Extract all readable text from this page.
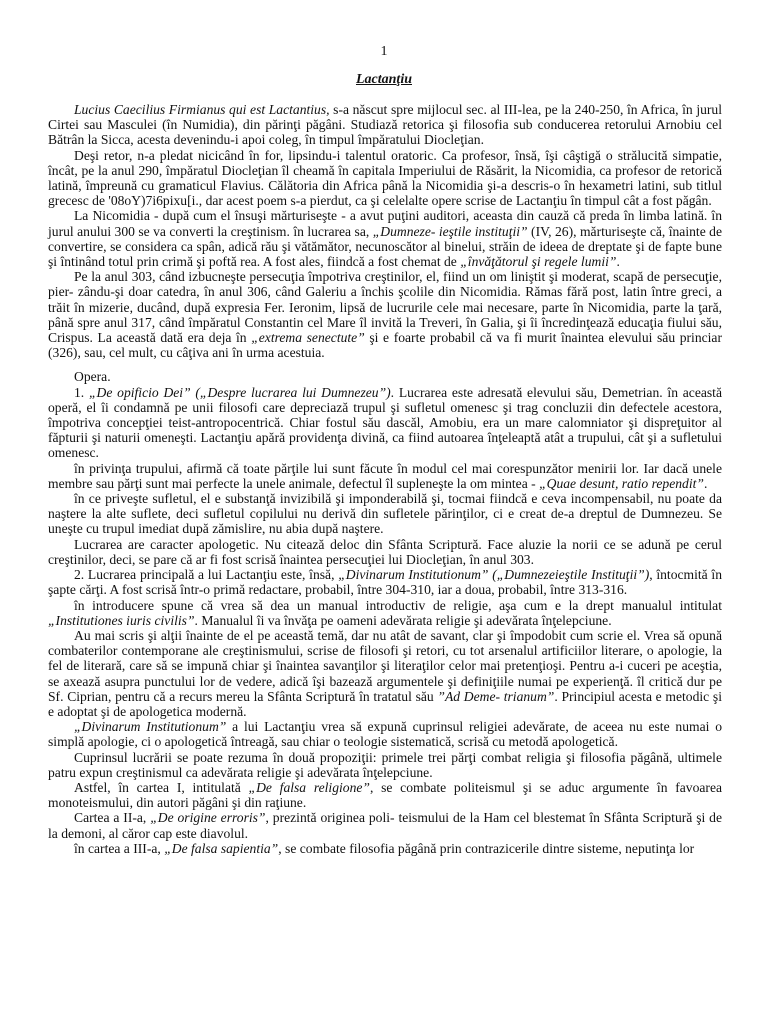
1
Lactanţiu

Lucius Caecilius Firmianus qui est Lactantius, s-a născut spre mijlocul sec. al III-lea, pe la 240-250, în Africa, în jurul Cirtei sau Masculei (în Numidia), din părinţi păgâni. Studiază retorica şi filosofia sub conducerea retorului Arnobiu cel Bătrân la Sicca, acesta devenindu-i apoi coleg, în timpul împăratului Diocleţian.

Deşi retor, n-a pledat nicicând în for, lipsindu-i talentul oratoric. Ca profesor, însă, îşi câştigă o strălucită simpatie, încât, pe la anul 290, împăratul Diocleţian îl cheamă în capitala Imperiului de Răsărit, la Nicomidia, ca profesor de retorică latină, împreună cu gramaticul Flavius. Călătoria din Africa până la Nicomidia şi-a descris-o în hexametri latini, sub titlul grecesc de '08oY)7i6pixu[i., dar acest poem s-a pierdut, ca şi celelalte opere scrise de Lactanţiu în timpul cât a fost păgân.

La Nicomidia - după cum el însuşi mărturiseşte - a avut puţini auditori, aceasta din cauză că preda în limba latină. în jurul anului 300 se va converti la creştinism. în lucrarea sa, „Dumneze- ieştile instituţii” (IV, 26), mărturiseşte că, înainte de convertire, se considera ca spân, adică rău şi vătămător, necunoscător al binelui, străin de ideea de dreptate şi de fapte bune şi întinând totul prin crimă şi poftă rea. A fost ales, fiindcă a fost chemat de „învăţătorul şi regele lumii”.

Pe la anul 303, când izbucneşte persecuţia împotriva creştinilor, el, fiind un om liniştit şi moderat, scapă de persecuţie, pier- zându-şi doar catedra, în anul 306, când Galeriu a închis şcolile din Nicomidia. Rămas fără post, latin între greci, a trăit în mizerie, ducând, după expresia Fer. Ieronim, lipsă de lucrurile cele mai necesare, parte în Nicomidia, parte la ţară, până spre anul 317, când împăratul Constantin cel Mare îl invită la Treveri, în Galia, şi îi încredinţează educaţia fiului său, Crispus. La această dată era deja în „extrema senectute” şi e foarte probabil că va fi murit înaintea elevului său princiar (326), sau, cel mult, cu câţiva ani în urma acestuia.

Opera.

1. „De opificio Dei” („Despre lucrarea lui Dumnezeu”). Lucrarea este adresată elevului său, Demetrian. în această operă, el îi condamnă pe unii filosofi care depreciază trupul şi sufletul omenesc şi trag concluzii din defectele acestora, împotriva concepţiei teist-antropocentrică. Chiar fostul său dascăl, Amobiu, era un mare calomniator şi dispreţuitor al făpturii şi naturii omeneşti. Lactanţiu apără providenţa divină, ca fiind autoarea înţeleaptă atât a trupului, cât şi a sufletului omenesc.

în privinţa trupului, afirmă că toate părţile lui sunt făcute în modul cel mai corespunzător menirii lor. Iar dacă unele membre sau părţi sunt mai perfecte la unele animale, defectul îl supleneşte la om mintea - „Quae desunt, ratio rependit”.

în ce priveşte sufletul, el e substanţă invizibilă şi imponderabilă şi, tocmai fiindcă e ceva incompensabil, nu poate da naştere la alte suflete, deci sufletul copilului nu derivă din sufletele părinţilor, ci e creat de-a dreptul de Dumnezeu. Se uneşte cu trupul imediat după zămislire, nu abia după naştere.

Lucrarea are caracter apologetic. Nu citează deloc din Sfânta Scriptură. Face aluzie la norii ce se adună pe cerul creştinilor, deci, se pare că ar fi fost scrisă înaintea persecuţiei lui Diocleţian, în anul 303.

2. Lucrarea principală a lui Lactanţiu este, însă, „Divinarum Institutionum” („Dumnezeieştile Instituţii”), întocmită în şapte cărţi. A fost scrisă într-o primă redactare, probabil, între 304-310, iar a doua, probabil, între 313-316.

în introducere spune că vrea să dea un manual introductiv de religie, aşa cum e la drept manualul intitulat „Institutiones iuris civilis”. Manualul îi va învăţa pe oameni adevărata religie şi adevărata înţelepciune.

Au mai scris şi alţii înainte de el pe această temă, dar nu atât de savant, clar şi împodobit cum scrie el. Vrea să opună combaterilor contemporane ale creştinismului, scrise de filosofi şi retori, cu tot arsenalul artificiilor literare, o apologie, la fel de literară, care să se impună chiar şi înaintea savanţilor şi literaţilor celor mai pretenţioşi. Pentru a-i cuceri pe aceştia, se axează asupra punctului lor de vedere, adică îşi bazează argumentele şi definiţiile numai pe experienţă. îl critică dur pe Sf. Ciprian, pentru că a recurs mereu la Sfânta Scriptură în tratatul său ”Ad Deme- trianum”. Principiul acesta e metodic şi e adoptat şi de apologetica modernă.

„Divinarum Institutionum” a lui Lactanţiu vrea să expună cuprinsul religiei adevărate, de aceea nu este numai o simplă apologie, ci o apologetică întreagă, sau chiar o teologie sistematică, scrisă cu metodă apologetică.

Cuprinsul lucrării se poate rezuma în două propoziţii: primele trei părţi combat religia şi filosofia păgână, ultimele patru expun creştinismul ca adevărata religie şi adevărata înţelepciune.

Astfel, în cartea I, intitulată „De falsa religione”, se combate politeismul şi se aduc argumente în favoarea monoteismului, din autori păgâni şi din raţiune.

Cartea a II-a, „De origine erroris”, prezintă originea poli- teismului de la Ham cel blestemat în Sfânta Scriptură şi de la demoni, al căror cap este diavolul.

în cartea a III-a, „De falsa sapientia”, se combate filosofia păgână prin contrazicerile dintre sisteme, neputinţa lor
